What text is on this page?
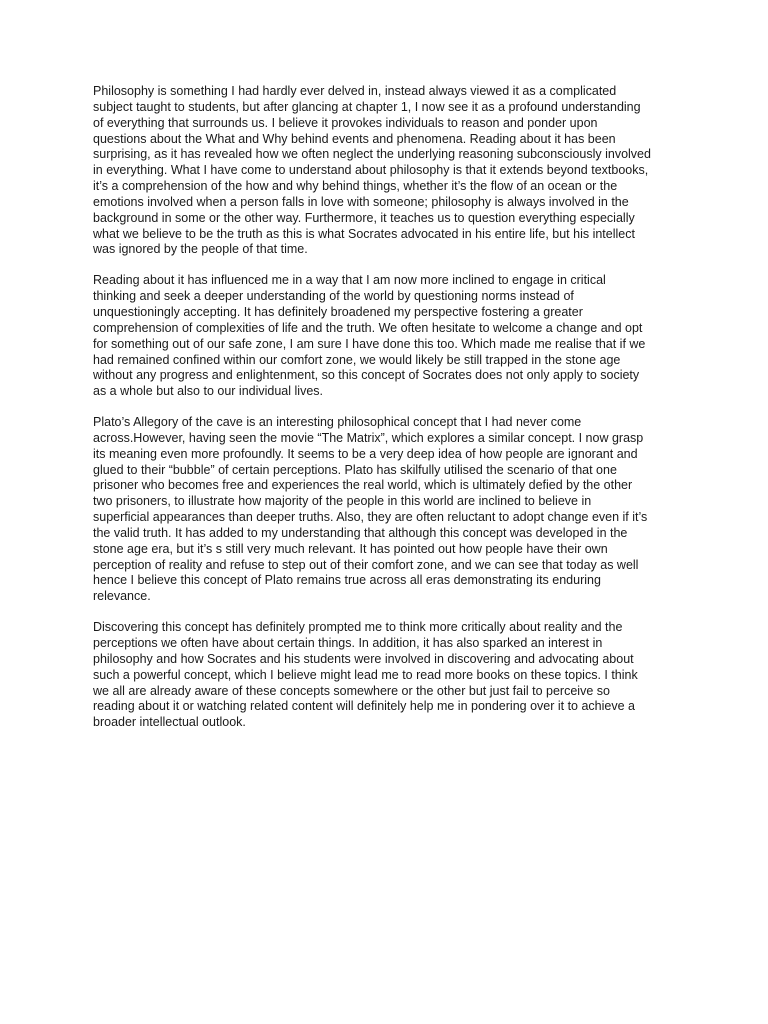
Philosophy is something I had hardly ever delved in, instead always viewed it as a complicated
subject taught to students, but after glancing at chapter 1, I now see it as a profound understanding
of everything that surrounds us. I believe it provokes individuals to reason and ponder upon
questions about the What and Why behind events and phenomena. Reading about it has been
surprising, as it has revealed how we often neglect the underlying reasoning subconsciously involved
in everything. What I have come to understand about philosophy is that it extends beyond textbooks,
it’s a comprehension of the how and why behind things, whether it’s the flow of an ocean or the
emotions involved when a person falls in love with someone; philosophy is always involved in the
background in some or the other way. Furthermore, it teaches us to question everything especially
what we believe to be the truth as this is what Socrates advocated in his entire life, but his intellect
was ignored by the people of that time.

Reading about it has influenced me in a way that I am now more inclined to engage in critical
thinking and seek a deeper understanding of the world by questioning norms instead of
unquestioningly accepting. It has definitely broadened my perspective fostering a greater
comprehension of complexities of life and the truth. We often hesitate to welcome a change and opt
for something out of our safe zone, I am sure I have done this too. Which made me realise that if we
had remained confined within our comfort zone, we would likely be still trapped in the stone age
without any progress and enlightenment, so this concept of Socrates does not only apply to society
as a whole but also to our individual lives.

Plato’s Allegory of the cave is an interesting philosophical concept that I had never come
across.However, having seen the movie “The Matrix”, which explores a similar concept. I now grasp
its meaning even more profoundly. It seems to be a very deep idea of how people are ignorant and
glued to their “bubble” of certain perceptions. Plato has skilfully utilised the scenario of that one
prisoner who becomes free and experiences the real world, which is ultimately defied by the other
two prisoners, to illustrate how majority of the people in this world are inclined to believe in
superficial appearances than deeper truths. Also, they are often reluctant to adopt change even if it’s
the valid truth. It has added to my understanding that although this concept was developed in the
stone age era, but it’s s still very much relevant. It has pointed out how people have their own
perception of reality and refuse to step out of their comfort zone, and we can see that today as well
hence I believe this concept of Plato remains true across all eras demonstrating its enduring
relevance.

Discovering this concept has definitely prompted me to think more critically about reality and the
perceptions we often have about certain things. In addition, it has also sparked an interest in
philosophy and how Socrates and his students were involved in discovering and advocating about
such a powerful concept, which I believe might lead me to read more books on these topics. I think
we all are already aware of these concepts somewhere or the other but just fail to perceive so
reading about it or watching related content will definitely help me in pondering over it to achieve a
broader intellectual outlook.
